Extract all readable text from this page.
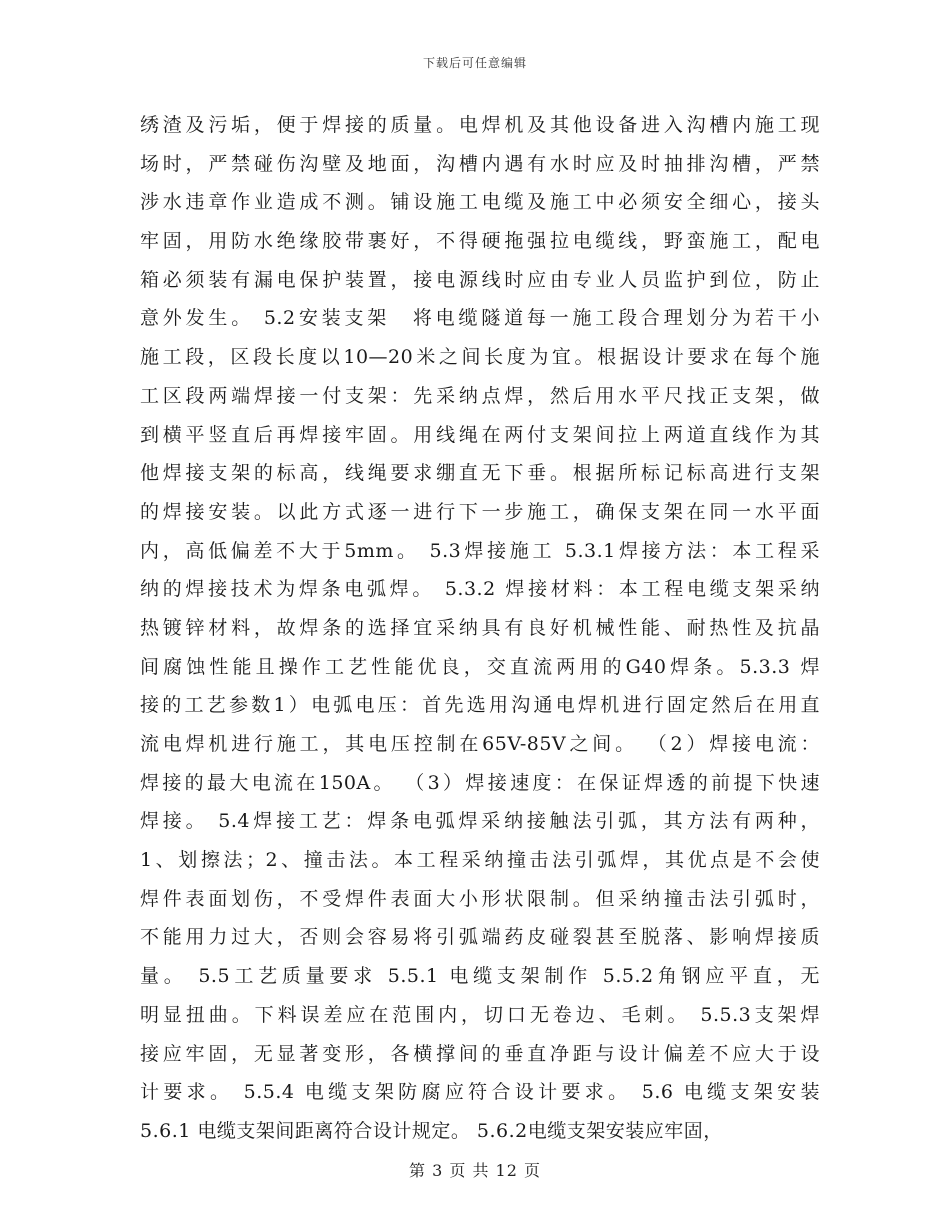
下载后可任意编辑
绣渣及污垢，便于焊接的质量。电焊机及其他设备进入沟槽内施工现
场时，严禁碰伤沟壁及地面，沟槽内遇有水时应及时抽排沟槽，严禁
涉水违章作业造成不测。铺设施工电缆及施工中必须安全细心，接头
牢固，用防水绝缘胶带裹好，不得硬拖强拉电缆线，野蛮施工，配电
箱必须装有漏电保护装置，接电源线时应由专业人员监护到位，防止
意外发生。 5.2安装支架　将电缆隧道每一施工段合理划分为若干小
施工段，区段长度以10—20米之间长度为宜。根据设计要求在每个施
工区段两端焊接一付支架：先采纳点焊，然后用水平尺找正支架，做
到横平竖直后再焊接牢固。用线绳在两付支架间拉上两道直线作为其
他焊接支架的标高，线绳要求绷直无下垂。根据所标记标高进行支架
的焊接安装。以此方式逐一进行下一步施工，确保支架在同一水平面
内，高低偏差不大于5mm。 5.3焊接施工 5.3.1焊接方法：本工程采
纳的焊接技术为焊条电弧焊。 5.3.2 焊接材料：本工程电缆支架采纳
热镀锌材料，故焊条的选择宜采纳具有良好机械性能、耐热性及抗晶
间腐蚀性能且操作工艺性能优良，交直流两用的G40焊条。5.3.3 焊
接的工艺参数1）电弧电压：首先选用沟通电焊机进行固定然后在用直
流电焊机进行施工，其电压控制在65V-85V之间。 （2）焊接电流：
焊接的最大电流在150A。 （3）焊接速度：在保证焊透的前提下快速
焊接。 5.4焊接工艺：焊条电弧焊采纳接触法引弧，其方法有两种，
1、划擦法；2、撞击法。本工程采纳撞击法引弧焊，其优点是不会使
焊件表面划伤，不受焊件表面大小形状限制。但采纳撞击法引弧时，
不能用力过大，否则会容易将引弧端药皮碰裂甚至脱落、影响焊接质
量。 5.5工艺质量要求 5.5.1 电缆支架制作 5.5.2角钢应平直，无
明显扭曲。下料误差应在范围内，切口无卷边、毛刺。 5.5.3支架焊
接应牢固，无显著变形，各横撑间的垂直净距与设计偏差不应大于设
计要求。 5.5.4 电缆支架防腐应符合设计要求。 5.6 电缆支架安装
5.6.1 电缆支架间距离符合设计规定。 5.6.2电缆支架安装应牢固，
第 3 页 共 12 页
